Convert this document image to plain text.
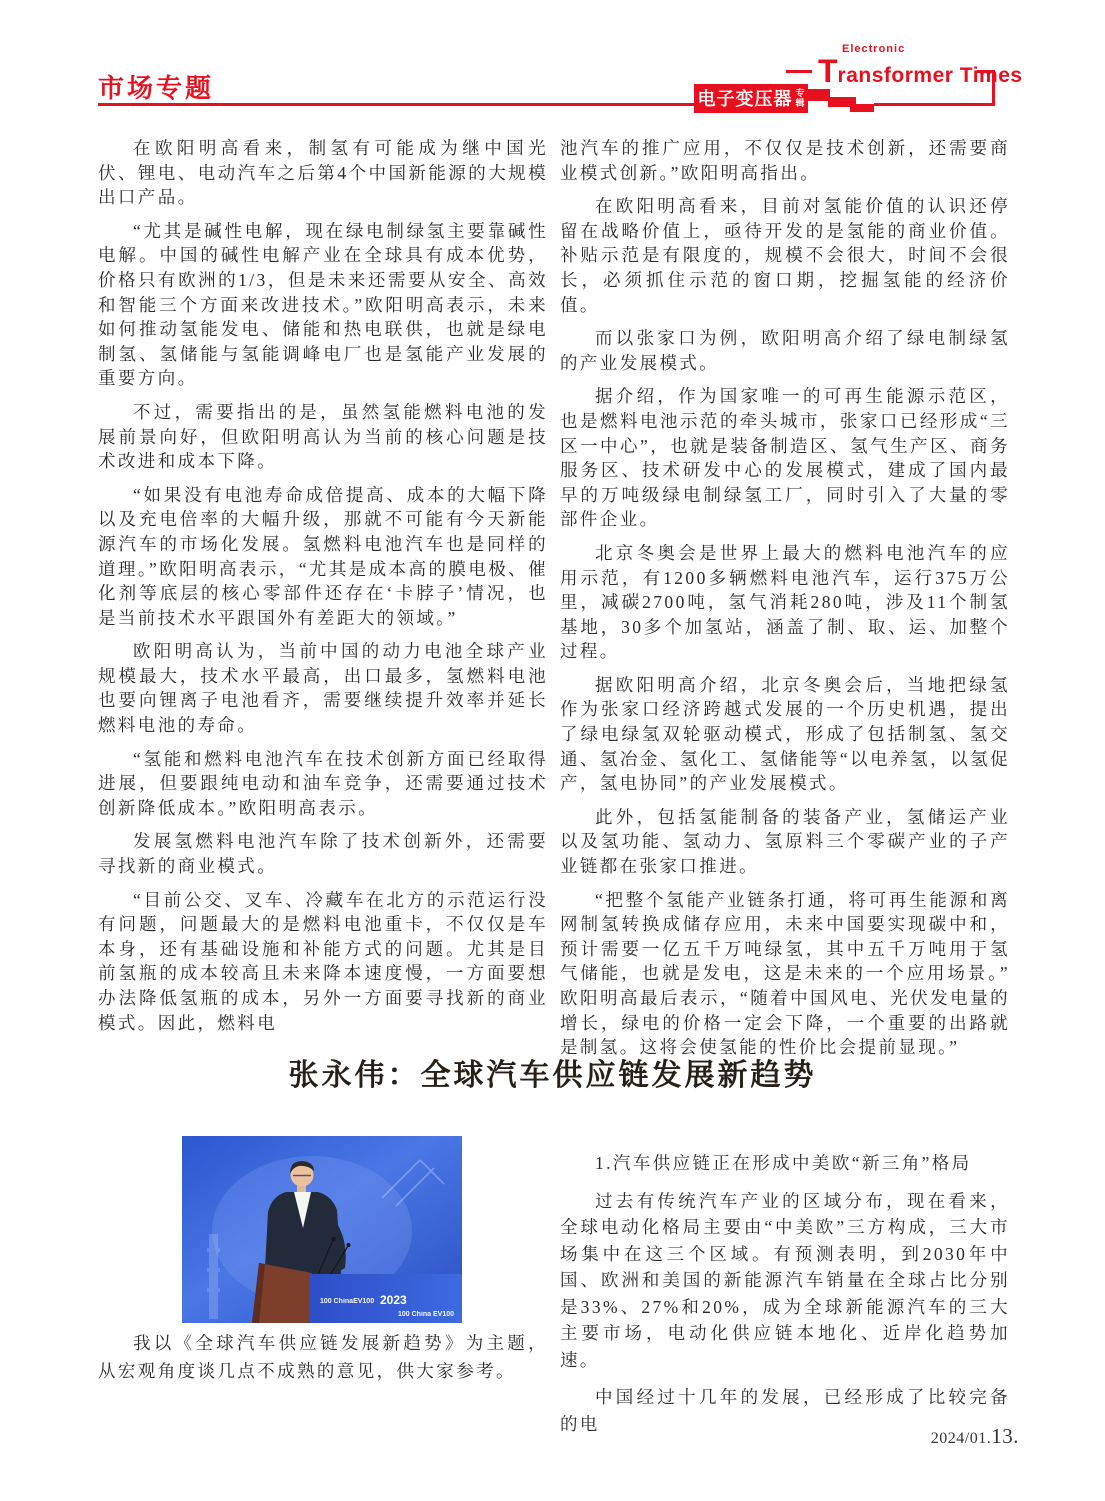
市场专题	电子变压器 专辑
Electronic
Transformer Times

在欧阳明高看来，制氢有可能成为继中国光伏、锂电、电动汽车之后第4个中国新能源的大规模出口产品。

“尤其是碱性电解，现在绿电制绿氢主要靠碱性电解。中国的碱性电解产业在全球具有成本优势，价格只有欧洲的1/3，但是未来还需要从安全、高效和智能三个方面来改进技术。”欧阳明高表示，未来如何推动氢能发电、储能和热电联供，也就是绿电制氢、氢储能与氢能调峰电厂也是氢能产业发展的重要方向。

不过，需要指出的是，虽然氢能燃料电池的发展前景向好，但欧阳明高认为当前的核心问题是技术改进和成本下降。

“如果没有电池寿命成倍提高、成本的大幅下降以及充电倍率的大幅升级，那就不可能有今天新能源汽车的市场化发展。氢燃料电池汽车也是同样的道理。”欧阳明高表示，“尤其是成本高的膜电极、催化剂等底层的核心零部件还存在‘卡脖子’情况，也是当前技术水平跟国外有差距大的领域。”

欧阳明高认为，当前中国的动力电池全球产业规模最大，技术水平最高，出口最多，氢燃料电池也要向锂离子电池看齐，需要继续提升效率并延长燃料电池的寿命。

“氢能和燃料电池汽车在技术创新方面已经取得进展，但要跟纯电动和油车竞争，还需要通过技术创新降低成本。”欧阳明高表示。

发展氢燃料电池汽车除了技术创新外，还需要寻找新的商业模式。

“目前公交、叉车、冷藏车在北方的示范运行没有问题，问题最大的是燃料电池重卡，不仅仅是车本身，还有基础设施和补能方式的问题。尤其是目前氢瓶的成本较高且未来降本速度慢，一方面要想办法降低氢瓶的成本，另外一方面要寻找新的商业模式。因此，燃料电

池汽车的推广应用，不仅仅是技术创新，还需要商业模式创新。”欧阳明高指出。

在欧阳明高看来，目前对氢能价值的认识还停留在战略价值上，亟待开发的是氢能的商业价值。补贴示范是有限度的，规模不会很大，时间不会很长，必须抓住示范的窗口期，挖掘氢能的经济价值。

而以张家口为例，欧阳明高介绍了绿电制绿氢的产业发展模式。

据介绍，作为国家唯一的可再生能源示范区，也是燃料电池示范的牵头城市，张家口已经形成“三区一中心”，也就是装备制造区、氢气生产区、商务服务区、技术研发中心的发展模式，建成了国内最早的万吨级绿电制绿氢工厂，同时引入了大量的零部件企业。

北京冬奥会是世界上最大的燃料电池汽车的应用示范，有1200多辆燃料电池汽车，运行375万公里，减碳2700吨，氢气消耗280吨，涉及11个制氢基地，30多个加氢站，涵盖了制、取、运、加整个过程。

据欧阳明高介绍，北京冬奥会后，当地把绿氢作为张家口经济跨越式发展的一个历史机遇，提出了绿电绿氢双轮驱动模式，形成了包括制氢、氢交通、氢冶金、氢化工、氢储能等“以电养氢，以氢促产，氢电协同”的产业发展模式。

此外，包括氢能制备的装备产业，氢储运产业以及氢功能、氢动力、氢原料三个零碳产业的子产业链都在张家口推进。

“把整个氢能产业链条打通，将可再生能源和离网制氢转换成储存应用，未来中国要实现碳中和，预计需要一亿五千万吨绿氢，其中五千万吨用于氢气储能，也就是发电，这是未来的一个应用场景。”欧阳明高最后表示，“随着中国风电、光伏发电量的增长，绿电的价格一定会下降，一个重要的出路就是制氢。这将会使氢能的性价比会提前显现。”

张永伟：全球汽车供应链发展新趋势
100 ChinaEV100 2023
100 China EV100

我以《全球汽车供应链发展新趋势》为主题，从宏观角度谈几点不成熟的意见，供大家参考。

1.汽车供应链正在形成中美欧“新三角”格局

过去有传统汽车产业的区域分布，现在看来，全球电动化格局主要由“中美欧”三方构成，三大市场集中在这三个区域。有预测表明，到2030年中国、欧洲和美国的新能源汽车销量在全球占比分别是33%、27%和20%，成为全球新能源汽车的三大主要市场，电动化供应链本地化、近岸化趋势加速。

中国经过十几年的发展，已经形成了比较完备的电

2024/01.13.
